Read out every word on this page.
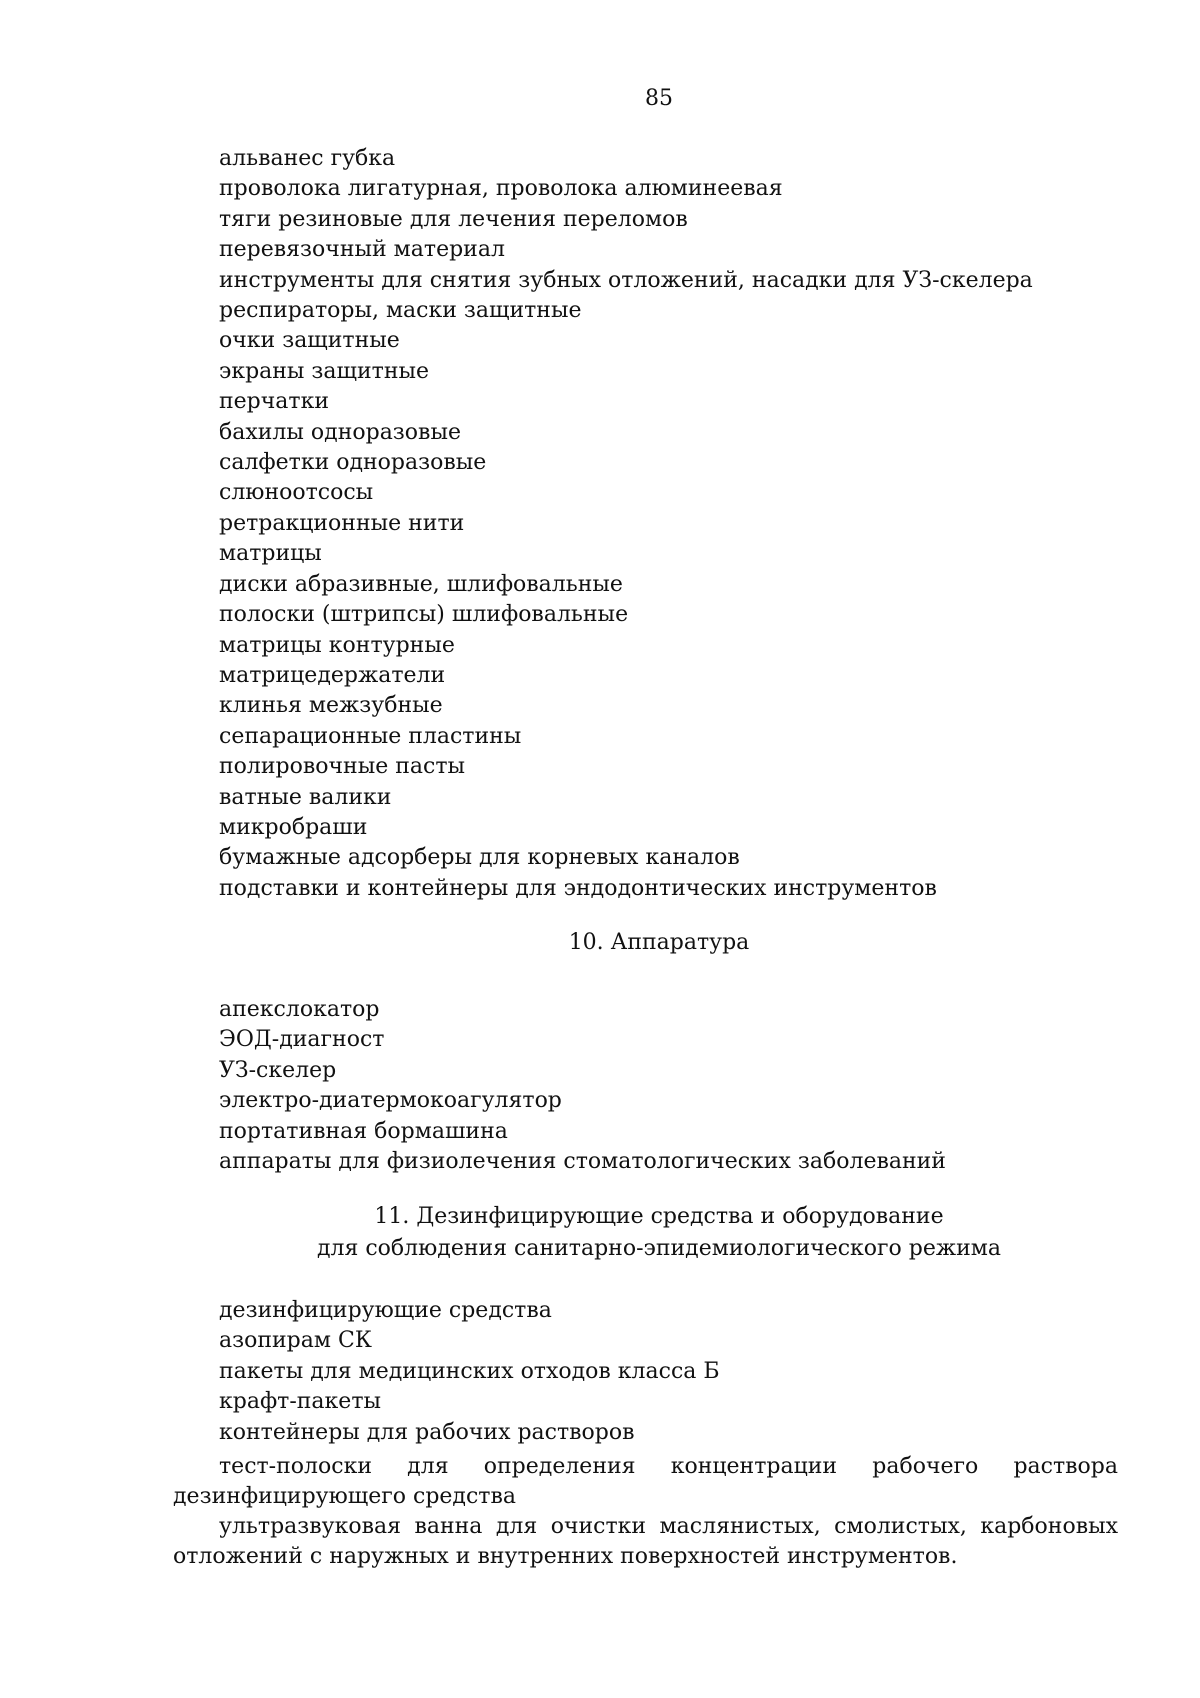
85
альванес губка
проволока лигатурная, проволока алюминеевая
тяги резиновые для лечения переломов
перевязочный материал
инструменты для снятия зубных отложений, насадки для УЗ-скелера
респираторы, маски защитные
очки защитные
экраны защитные
перчатки
бахилы одноразовые
салфетки одноразовые
слюноотсосы
ретракционные нити
матрицы
диски абразивные, шлифовальные
полоски (штрипсы) шлифовальные
матрицы контурные
матрицедержатели
клинья межзубные
сепарационные пластины
полировочные пасты
ватные валики
микробраши
бумажные адсорберы для корневых каналов
подставки и контейнеры для эндодонтических инструментов
10. Аппаратура
апекслокатор
ЭОД-диагност
УЗ-скелер
электро-диатермокоагулятор
портативная бормашина
аппараты для физиолечения стоматологических заболеваний
11. Дезинфицирующие средства и оборудование
для соблюдения санитарно-эпидемиологического режима
дезинфицирующие средства
азопирам СК
пакеты для медицинских отходов класса Б
крафт-пакеты
контейнеры для рабочих растворов
тест-полоски для определения концентрации рабочего раствора дезинфицирующего средства
ультразвуковая ванна для очистки маслянистых, смолистых, карбоновых отложений с наружных и внутренних поверхностей инструментов.
